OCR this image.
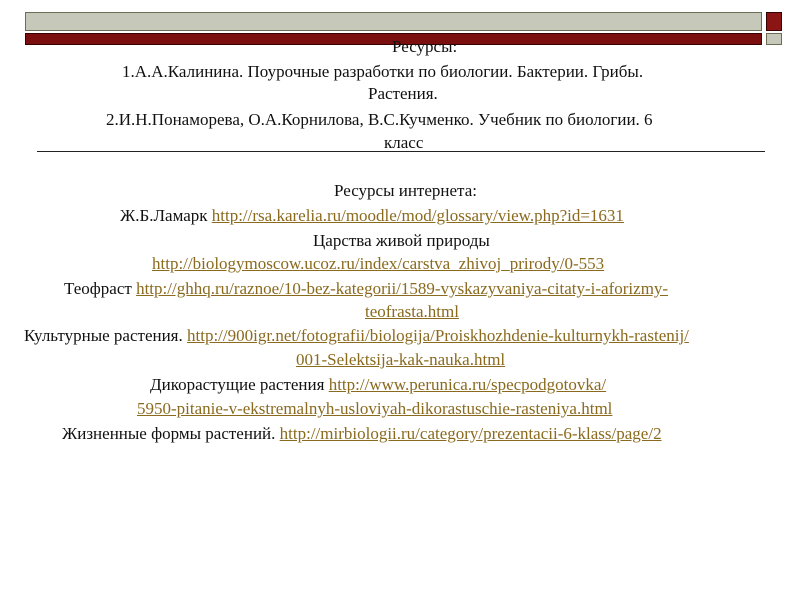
Ресурсы:
1.А.А.Калинина. Поурочные разработки по биологии. Бактерии. Грибы.
Растения.
2.И.Н.Понаморева, О.А.Корнилова, В.С.Кучменко. Учебник по биологии. 6
класс
Ресурсы интернета:
Ж.Б.Ламарк http://rsa.karelia.ru/moodle/mod/glossary/view.php?id=1631
Царства живой природы
http://biologymoscow.ucoz.ru/index/carstva_zhivoj_prirody/0-553
Теофраст http://ghhq.ru/raznoe/10-bez-kategorii/1589-vyskazyvaniya-citaty-i-aforizmy-
teofrasta.html
Культурные растения. http://900igr.net/fotografii/biologija/Proiskhozhdenie-kulturnykh-rastenij/
001-Selektsija-kak-nauka.html
Дикорастущие растения http://www.perunica.ru/specpodgotovka/
5950-pitanie-v-ekstremalnyh-usloviyah-dikorastuschie-rasteniya.html
Жизненные формы растений. http://mirbiologii.ru/category/prezentacii-6-klass/page/2
